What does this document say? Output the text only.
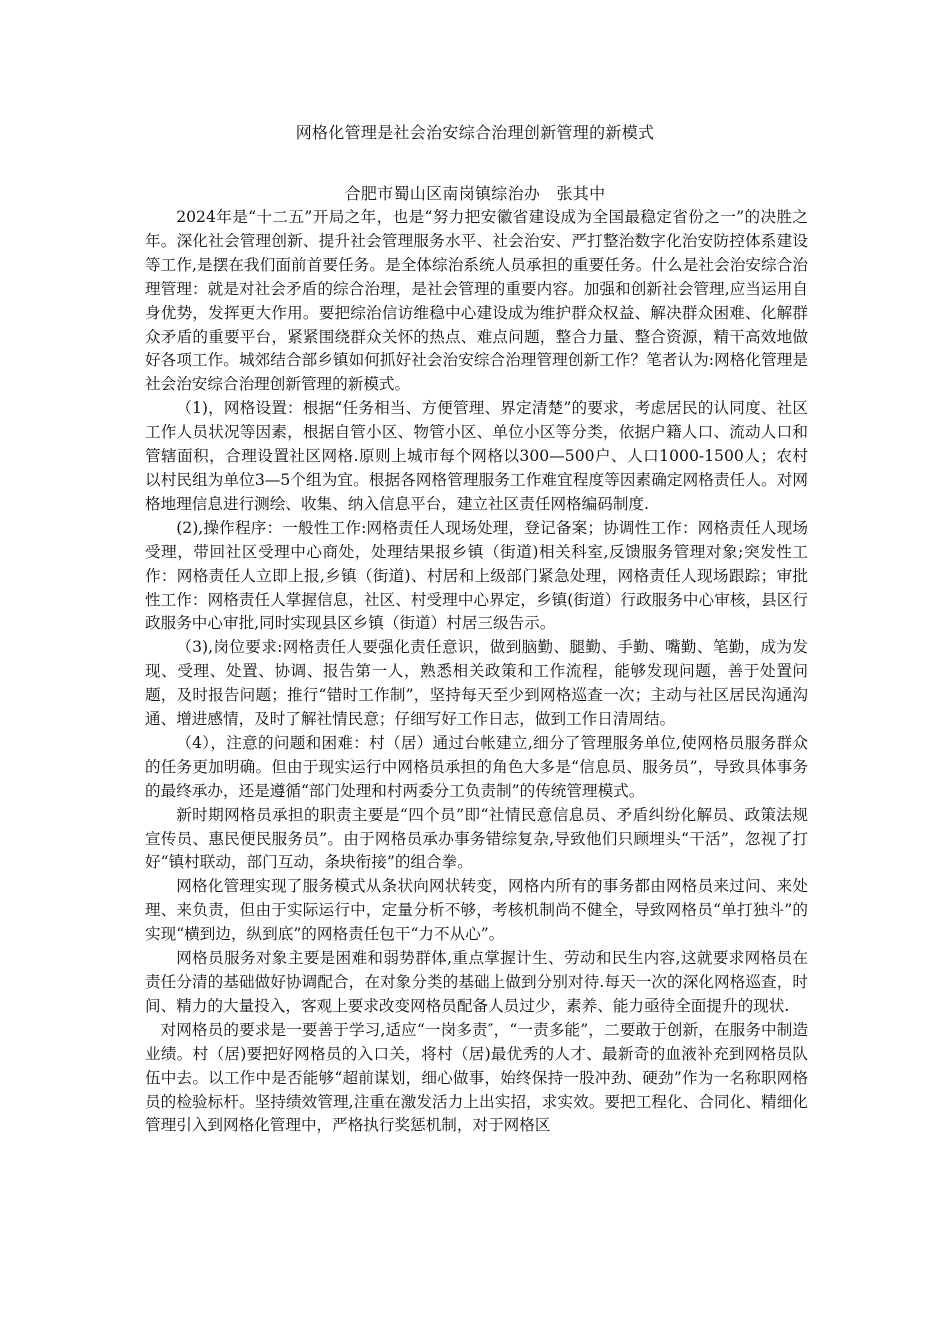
网格化管理是社会治安综合治理创新管理的新模式
合肥市蜀山区南岗镇综治办　张其中

2024年是“十二五”开局之年，也是“努力把安徽省建设成为全国最稳定省份之一”的决胜之年。深化社会管理创新、提升社会管理服务水平、社会治安、严打整治数字化治安防控体系建设等工作,是摆在我们面前首要任务。是全体综治系统人员承担的重要任务。什么是社会治安综合治理管理：就是对社会矛盾的综合治理，是社会管理的重要内容。加强和创新社会管理,应当运用自身优势，发挥更大作用。要把综治信访维稳中心建设成为维护群众权益、解决群众困难、化解群众矛盾的重要平台，紧紧围绕群众关怀的热点、难点问题，整合力量、整合资源，精干高效地做好各项工作。城郊结合部乡镇如何抓好社会治安综合治理管理创新工作？笔者认为:网格化管理是社会治安综合治理创新管理的新模式。

（1)，网格设置：根据“任务相当、方便管理、界定清楚”的要求，考虑居民的认同度、社区工作人员状况等因素，根据自管小区、物管小区、单位小区等分类，依据户籍人口、流动人口和管辖面积，合理设置社区网格.原则上城市每个网格以300—500户、人口1000-1500人；农村以村民组为单位3—5个组为宜。根据各网格管理服务工作难宜程度等因素确定网格责任人。对网格地理信息进行测绘、收集、纳入信息平台，建立社区责任网格编码制度.

(2),操作程序：一般性工作:网格责任人现场处理，登记备案；协调性工作：网格责任人现场受理，带回社区受理中心商处，处理结果报乡镇（街道)相关科室,反馈服务管理对象;突发性工作：网格责任人立即上报,乡镇（街道)、村居和上级部门紧急处理，网格责任人现场跟踪；审批性工作：网格责任人掌握信息，社区、村受理中心界定，乡镇(街道）行政服务中心审核，县区行政服务中心审批,同时实现县区乡镇（街道）村居三级告示。

（3),岗位要求:网格责任人要强化责任意识，做到脑勤、腿勤、手勤、嘴勤、笔勤，成为发现、受理、处置、协调、报告第一人，熟悉相关政策和工作流程，能够发现问题，善于处置问题，及时报告问题；推行“错时工作制”，坚持每天至少到网格巡查一次；主动与社区居民沟通沟通、增进感情，及时了解社情民意；仔细写好工作日志，做到工作日清周结。

（4），注意的问题和困难：村（居）通过台帐建立,细分了管理服务单位,使网格员服务群众的任务更加明确。但由于现实运行中网格员承担的角色大多是“信息员、服务员”，导致具体事务的最终承办，还是遵循“部门处理和村两委分工负责制”的传统管理模式。

新时期网格员承担的职责主要是“四个员”即“社情民意信息员、矛盾纠纷化解员、政策法规宣传员、惠民便民服务员”。由于网格员承办事务错综复杂,导致他们只顾埋头“干活”，忽视了打好“镇村联动，部门互动，条块衔接”的组合拳。

网格化管理实现了服务模式从条状向网状转变，网格内所有的事务都由网格员来过问、来处理、来负责，但由于实际运行中，定量分析不够，考核机制尚不健全，导致网格员“单打独斗”的实现“横到边，纵到底”的网格责任包干“力不从心”。

网格员服务对象主要是困难和弱势群体,重点掌握计生、劳动和民生内容,这就要求网格员在责任分清的基础做好协调配合，在对象分类的基础上做到分别对待.每天一次的深化网格巡查，时间、精力的大量投入，客观上要求改变网格员配备人员过少，素养、能力亟待全面提升的现状.

对网格员的要求是一要善于学习,适应“一岗多责″，“一责多能”，二要敢于创新，在服务中制造业绩。村（居)要把好网格员的入口关，将村（居)最优秀的人才、最新奇的血液补充到网格员队伍中去。以工作中是否能够“超前谋划，细心做事，始终保持一股冲劲、硬劲”作为一名称职网格员的检验标杆。坚持绩效管理,注重在激发活力上出实招，求实效。要把工程化、合同化、精细化管理引入到网格化管理中，严格执行奖惩机制，对于网格区
